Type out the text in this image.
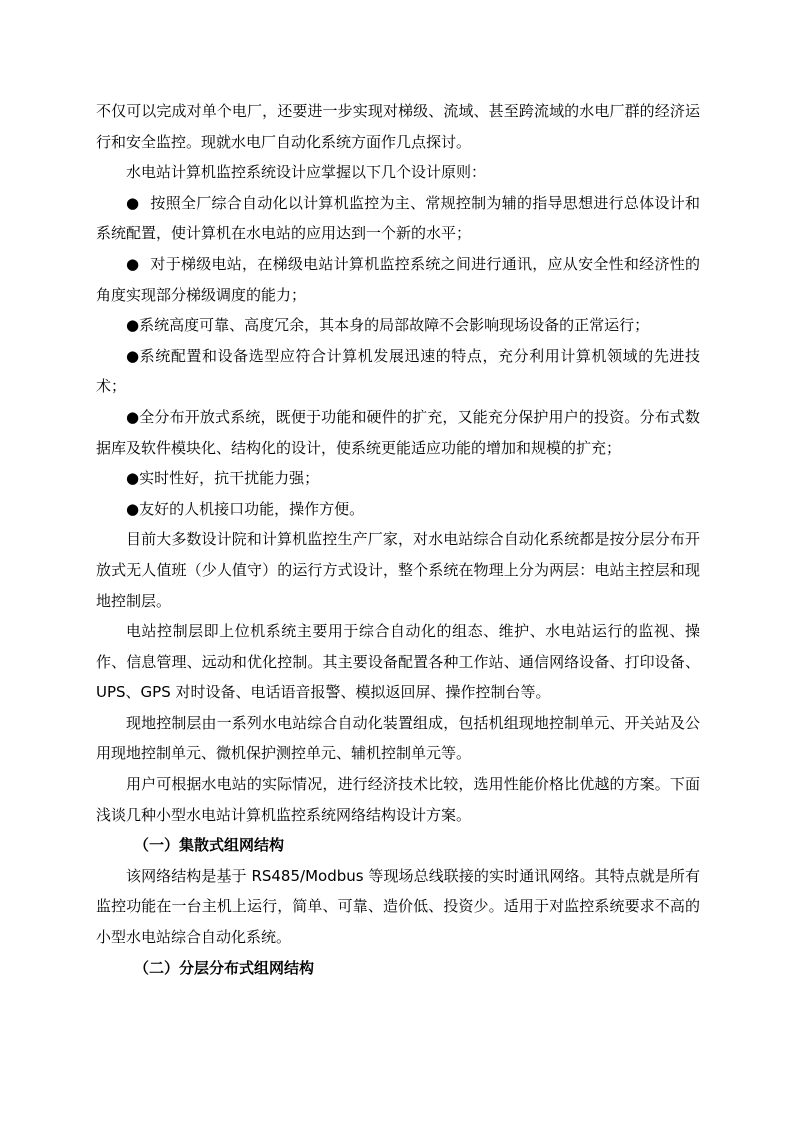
不仅可以完成对单个电厂，还要进一步实现对梯级、流域、甚至跨流域的水电厂群的经济运行和安全监控。现就水电厂自动化系统方面作几点探讨。

水电站计算机监控系统设计应掌握以下几个设计原则：

● 按照全厂综合自动化以计算机监控为主、常规控制为辅的指导思想进行总体设计和系统配置，使计算机在水电站的应用达到一个新的水平；

● 对于梯级电站，在梯级电站计算机监控系统之间进行通讯，应从安全性和经济性的角度实现部分梯级调度的能力；

●系统高度可靠、高度冗余，其本身的局部故障不会影响现场设备的正常运行；

●系统配置和设备选型应符合计算机发展迅速的特点，充分利用计算机领域的先进技术；

●全分布开放式系统，既便于功能和硬件的扩充，又能充分保护用户的投资。分布式数据库及软件模块化、结构化的设计，使系统更能适应功能的增加和规模的扩充；

●实时性好，抗干扰能力强；

●友好的人机接口功能，操作方便。

目前大多数设计院和计算机监控生产厂家，对水电站综合自动化系统都是按分层分布开放式无人值班（少人值守）的运行方式设计，整个系统在物理上分为两层：电站主控层和现地控制层。

电站控制层即上位机系统主要用于综合自动化的组态、维护、水电站运行的监视、操作、信息管理、远动和优化控制。其主要设备配置各种工作站、通信网络设备、打印设备、UPS、GPS 对时设备、电话语音报警、模拟返回屏、操作控制台等。

现地控制层由一系列水电站综合自动化装置组成，包括机组现地控制单元、开关站及公用现地控制单元、微机保护测控单元、辅机控制单元等。

用户可根据水电站的实际情况，进行经济技术比较，选用性能价格比优越的方案。下面浅谈几种小型水电站计算机监控系统网络结构设计方案。

（一）集散式组网结构

该网络结构是基于 RS485/Modbus 等现场总线联接的实时通讯网络。其特点就是所有监控功能在一台主机上运行，简单、可靠、造价低、投资少。适用于对监控系统要求不高的小型水电站综合自动化系统。

（二）分层分布式组网结构
